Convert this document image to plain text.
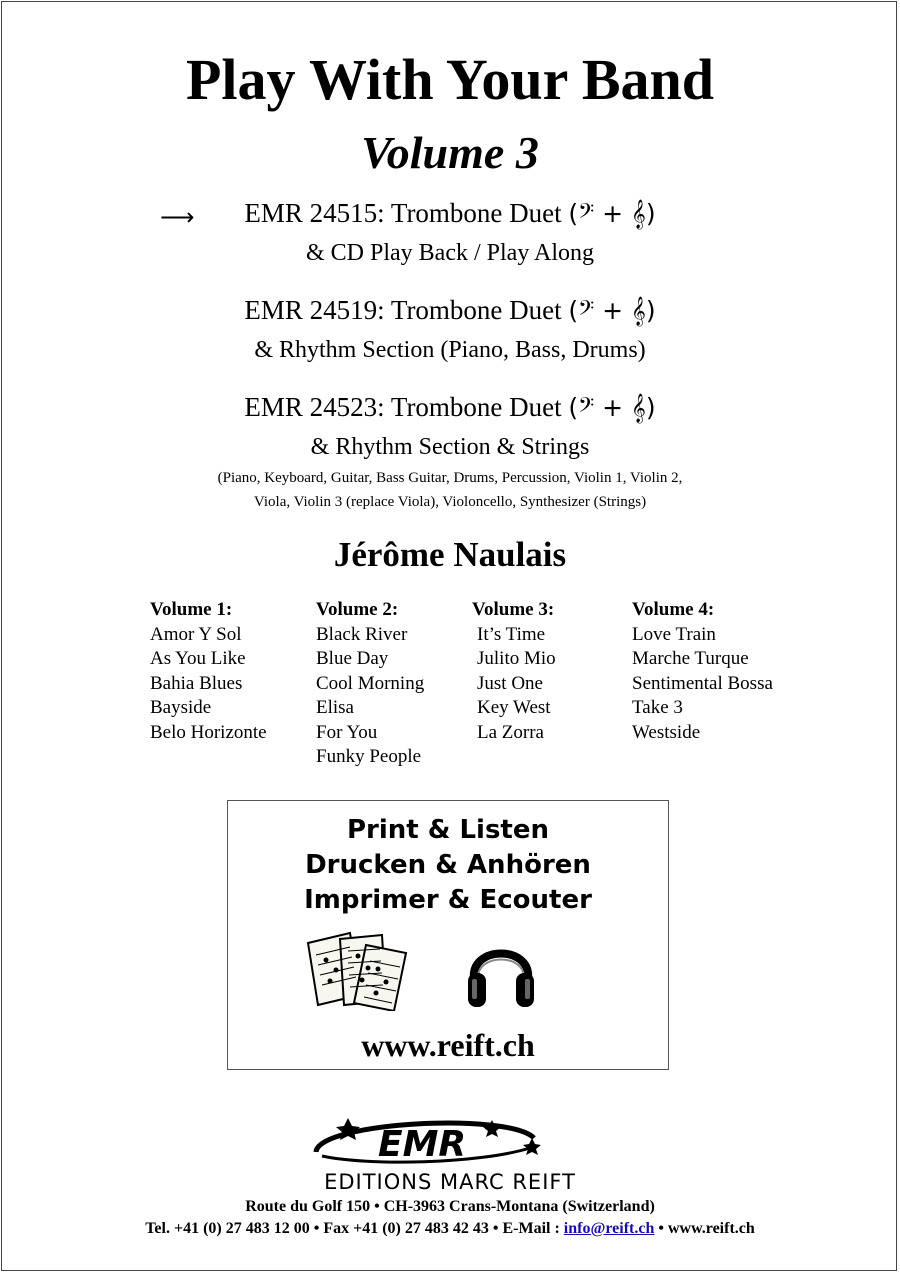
Play With Your Band
Volume 3
⟶	EMR 24515: Trombone Duet (𝄢 + 𝄞)
& CD Play Back / Play Along
EMR 24519: Trombone Duet (𝄢 + 𝄞)
& Rhythm Section (Piano, Bass, Drums)
EMR 24523: Trombone Duet (𝄢 + 𝄞)
& Rhythm Section & Strings
(Piano, Keyboard, Guitar, Bass Guitar, Drums, Percussion, Violin 1, Violin 2,
Viola, Violin 3 (replace Viola), Violoncello, Synthesizer (Strings)
Jérôme Naulais
Volume 1:
Amor Y Sol
As You Like
Bahia Blues
Bayside
Belo Horizonte
Volume 2:
Black River
Blue Day
Cool Morning
Elisa
For You
Funky People
Volume 3:
It’s Time
Julito Mio
Just One
Key West
La Zorra
Volume 4:
Love Train
Marche Turque
Sentimental Bossa
Take 3
Westside
Print & Listen
Drucken & Anhören
Imprimer & Ecouter
www.reift.ch
EMR
EDITIONS MARC REIFT
Route du Golf 150 • CH-3963 Crans-Montana (Switzerland)
Tel. +41 (0) 27 483 12 00 • Fax +41 (0) 27 483 42 43 • E-Mail : info@reift.ch • www.reift.ch
